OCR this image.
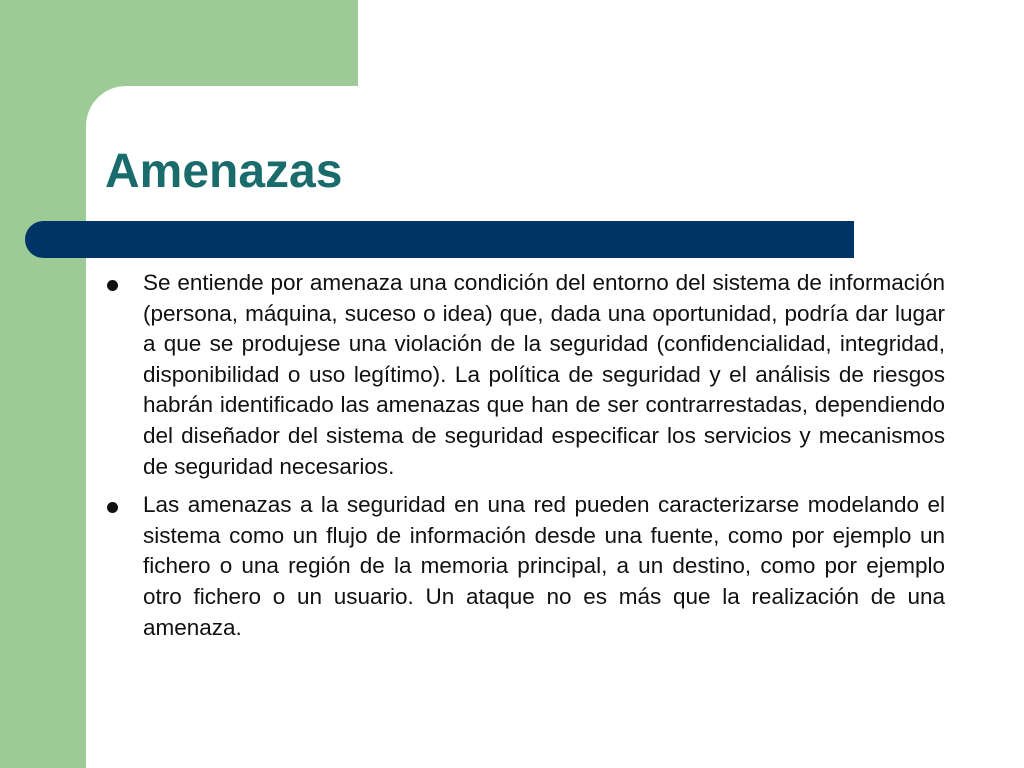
Amenazas
Se entiende por amenaza una condición del entorno del sistema de información (persona, máquina, suceso o idea) que, dada una oportunidad, podría dar lugar a que se produjese una violación de la seguridad (confidencialidad, integridad, disponibilidad o uso legítimo). La política de seguridad y el análisis de riesgos habrán identificado las amenazas que han de ser contrarrestadas, dependiendo del diseñador del sistema de seguridad especificar los servicios y mecanismos de seguridad necesarios.
Las amenazas a la seguridad en una red pueden caracterizarse modelando el sistema como un flujo de información desde una fuente, como por ejemplo un fichero o una región de la memoria principal, a un destino, como por ejemplo otro fichero o un usuario. Un ataque no es más que la realización de una amenaza.
